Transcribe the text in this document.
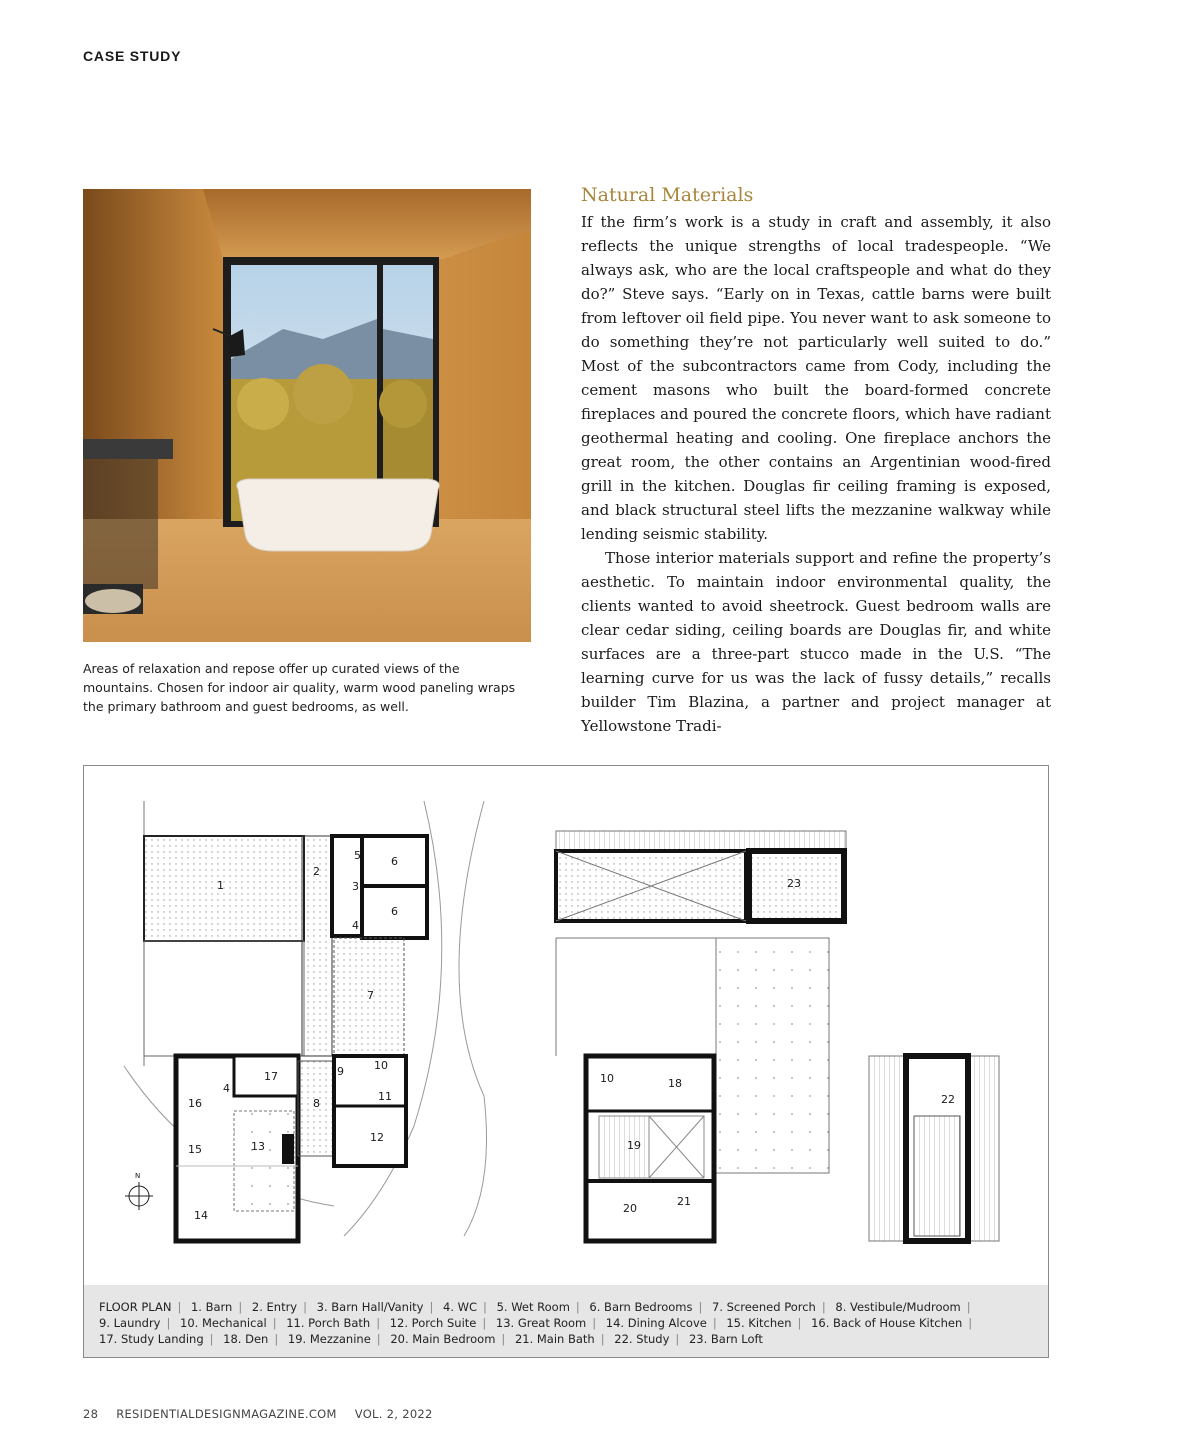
CASE STUDY
Areas of relaxation and repose offer up curated views of the mountains. Chosen for indoor air quality, warm wood paneling wraps the primary bathroom and guest bedrooms, as well.
Natural Materials

If the firm’s work is a study in craft and assembly, it also reflects the unique strengths of local tradespeople. “We always ask, who are the local craftspeople and what do they do?” Steve says. “Early on in Texas, cattle barns were built from leftover oil field pipe. You never want to ask someone to do something they’re not particularly well suited to do.” Most of the subcontractors came from Cody, including the cement masons who built the board-formed concrete fireplaces and poured the concrete floors, which have radiant geothermal heating and cooling. One fireplace anchors the great room, the other contains an Argentinian wood-fired grill in the kitchen. Douglas fir ceiling framing is exposed, and black structural steel lifts the mezzanine walkway while lending seismic stability.

Those interior materials support and refine the property’s aesthetic. To maintain indoor environmental quality, the clients wanted to avoid sheetrock. Guest bedroom walls are clear cedar siding, ceiling boards are Douglas fir, and white surfaces are a three-part stucco made in the U.S. “The learning curve for us was the lack of fussy details,” recalls builder Tim Blazina, a partner and project manager at Yellowstone Tradi-

N
1
2
3
4
5	6
6
7
8
9	10
11
12
13
4
14
15
16
17	10	18
19
20
21
22
23
FLOOR PLAN | 1. Barn | 2. Entry | 3. Barn Hall/Vanity | 4. WC | 5. Wet Room | 6. Barn Bedrooms | 7. Screened Porch | 8. Vestibule/Mudroom |
9. Laundry | 10. Mechanical | 11. Porch Bath | 12. Porch Suite | 13. Great Room | 14. Dining Alcove | 15. Kitchen | 16. Back of House Kitchen |
17. Study Landing | 18. Den | 19. Mezzanine | 20. Main Bedroom | 21. Main Bath | 22. Study | 23. Barn Loft
28 RESIDENTIALDESIGNMAGAZINE.COM VOL. 2, 2022
